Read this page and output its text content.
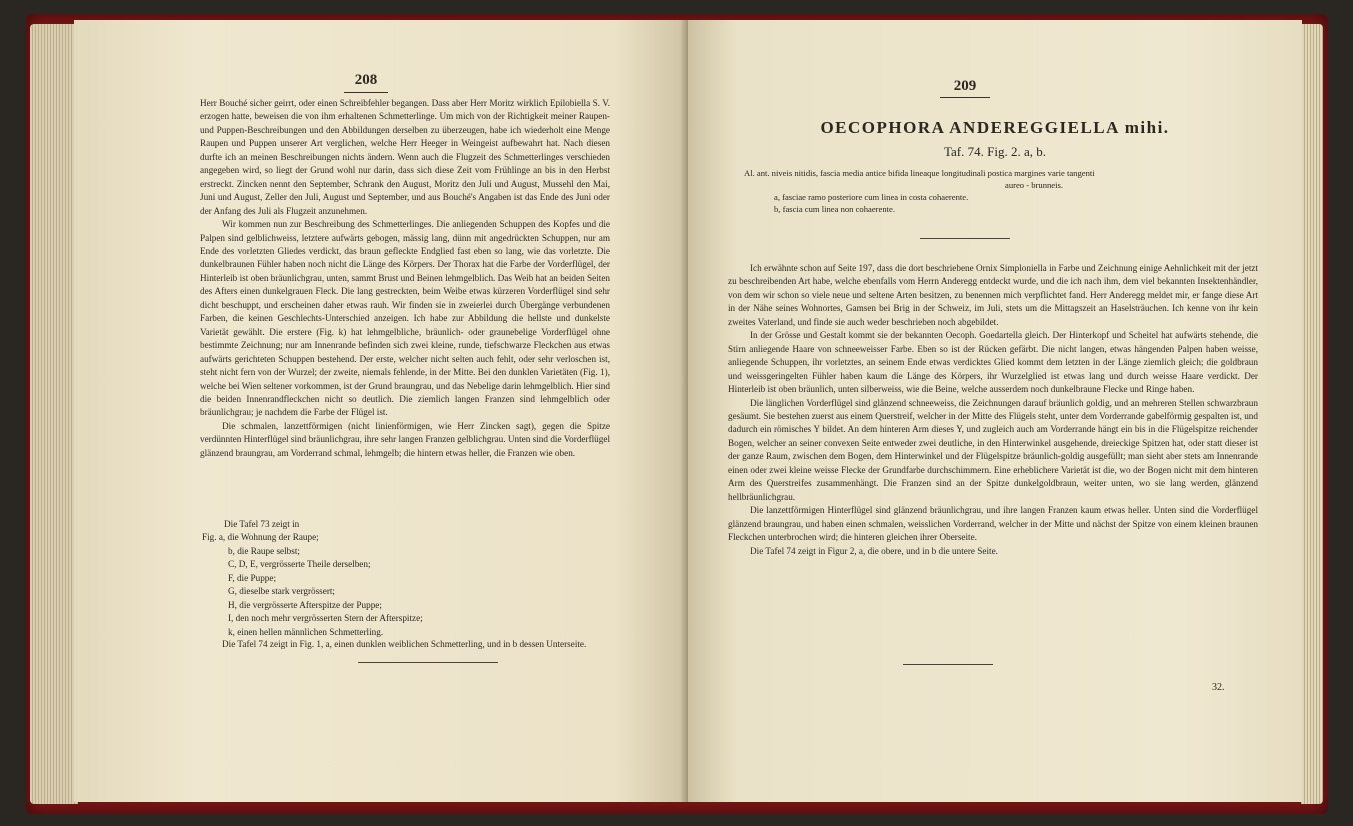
208

Herr Bouché sicher geirrt, oder einen Schreibfehler begangen. Dass aber Herr Moritz wirklich Epilobiella S. V. erzogen hatte, beweisen die von ihm erhaltenen Schmetterlinge. Um mich von der Richtigkeit meiner Raupen- und Puppen-Beschreibungen und den Abbildungen derselben zu überzeugen, habe ich wiederholt eine Menge Raupen und Puppen unserer Art verglichen, welche Herr Heeger in Weingeist aufbewahrt hat. Nach diesen durfte ich an meinen Beschreibungen nichts ändern. Wenn auch die Flugzeit des Schmetterlinges verschieden angegeben wird, so liegt der Grund wohl nur darin, dass sich diese Zeit vom Frühlinge an bis in den Herbst erstreckt. Zincken nennt den September, Schrank den August, Moritz den Juli und August, Mussehl den Mai, Juni und August, Zeller den Juli, August und September, und aus Bouché's Angaben ist das Ende des Juni oder der Anfang des Juli als Flugzeit anzunehmen.

Wir kommen nun zur Beschreibung des Schmetterlinges. Die anliegenden Schuppen des Kopfes und die Palpen sind gelblichweiss, letztere aufwärts gebogen, mässig lang, dünn mit angedrückten Schuppen, nur am Ende des vorletzten Gliedes verdickt, das braun gefleckte Endglied fast eben so lang, wie das vorletzte. Die dunkelbraunen Fühler haben noch nicht die Länge des Körpers. Der Thorax hat die Farbe der Vorderflügel, der Hinterleib ist oben bräunlichgrau, unten, sammt Brust und Beinen lehmgelblich. Das Weib hat an beiden Seiten des Afters einen dunkelgrauen Fleck. Die lang gestreckten, beim Weibe etwas kürzeren Vorderflügel sind sehr dicht beschuppt, und erscheinen daher etwas rauh. Wir finden sie in zweierlei durch Übergänge verbundenen Farben, die keinen Geschlechts-Unterschied anzeigen. Ich habe zur Abbildung die hellste und dunkelste Varietät gewählt. Die erstere (Fig. k) hat lehmgelbliche, bräunlich- oder graunebelige Vorderflügel ohne bestimmte Zeichnung; nur am Innenrande befinden sich zwei kleine, runde, tiefschwarze Fleckchen aus etwas aufwärts gerichteten Schuppen bestehend. Der erste, welcher nicht selten auch fehlt, oder sehr verloschen ist, steht nicht fern von der Wurzel; der zweite, niemals fehlende, in der Mitte. Bei den dunklen Varietäten (Fig. 1), welche bei Wien seltener vorkommen, ist der Grund braungrau, und das Nebelige darin lehmgelblich. Hier sind die beiden Innenrandfleckchen nicht so deutlich. Die ziemlich langen Franzen sind lehmgelblich oder bräunlichgrau; je nachdem die Farbe der Flügel ist.

Die schmalen, lanzettförmigen (nicht linienförmigen, wie Herr Zincken sagt), gegen die Spitze verdünnten Hinterflügel sind bräunlichgrau, ihre sehr langen Franzen gelblichgrau. Unten sind die Vorderflügel glänzend braungrau, am Vorderrand schmal, lehmgelb; die hintern etwas heller, die Franzen wie oben.

Die Tafel 73 zeigt in
Fig. a, die Wohnung der Raupe;
b, die Raupe selbst;
C, D, E, vergrösserte Theile derselben;
F, die Puppe;
G, dieselbe stark vergrössert;
H, die vergrösserte Afterspitze der Puppe;
I, den noch mehr vergrösserten Stern der Afterspitze;
k, einen hellen männlichen Schmetterling.

Die Tafel 74 zeigt in Fig. 1, a, einen dunklen weiblichen Schmetterling, und in b dessen Unterseite.

209
OECOPHORA ANDEREGGIELLA mihi.
Taf. 74. Fig. 2. a, b.
Al. ant. niveis nitidis, fascia media antice bifida lineaque longitudinali postica margines varie tangenti
aureo - brunneis.
a, fasciae ramo posteriore cum linea in costa cohaerente.
b, fascia cum linea non cohaerente.

Ich erwähnte schon auf Seite 197, dass die dort beschriebene Ornix Simploniella in Farbe und Zeichnung einige Aehnlichkeit mit der jetzt zu beschreibenden Art habe, welche ebenfalls vom Herrn Anderegg entdeckt wurde, und die ich nach ihm, dem viel bekannten Insektenhändler, von dem wir schon so viele neue und seltene Arten besitzen, zu benennen mich verpflichtet fand. Herr Anderegg meldet mir, er fange diese Art in der Nähe seines Wohnortes, Gamsen bei Brig in der Schweiz, im Juli, stets um die Mittagszeit an Haselsträuchen. Ich kenne von ihr kein zweites Vaterland, und finde sie auch weder beschrieben noch abgebildet.

In der Grösse und Gestalt kommt sie der bekannten Oecoph. Goedartella gleich. Der Hinterkopf und Scheitel hat aufwärts stehende, die Stirn anliegende Haare von schneeweisser Farbe. Eben so ist der Rücken gefärbt. Die nicht langen, etwas hängenden Palpen haben weisse, anliegende Schuppen, ihr vorletztes, an seinem Ende etwas verdicktes Glied kommt dem letzten in der Länge ziemlich gleich; die goldbraun und weissgeringelten Fühler haben kaum die Länge des Körpers, ihr Wurzelglied ist etwas lang und durch weisse Haare verdickt. Der Hinterleib ist oben bräunlich, unten silberweiss, wie die Beine, welche ausserdem noch dunkelbraune Flecke und Ringe haben.

Die länglichen Vorderflügel sind glänzend schneeweiss, die Zeichnungen darauf bräunlich goldig, und an mehreren Stellen schwarzbraun gesäumt. Sie bestehen zuerst aus einem Querstreif, welcher in der Mitte des Flügels steht, unter dem Vorderrande gabelförmig gespalten ist, und dadurch ein römisches Y bildet. An dem hinteren Arm dieses Y, und zugleich auch am Vorderrande hängt ein bis in die Flügelspitze reichender Bogen, welcher an seiner convexen Seite entweder zwei deutliche, in den Hinterwinkel ausgehende, dreieckige Spitzen hat, oder statt dieser ist der ganze Raum, zwischen dem Bogen, dem Hinterwinkel und der Flügelspitze bräunlich-goldig ausgefüllt; man sieht aber stets am Innenrande einen oder zwei kleine weisse Flecke der Grundfarbe durchschimmern. Eine erheblichere Varietät ist die, wo der Bogen nicht mit dem hinteren Arm des Querstreifes zusammenhängt. Die Franzen sind an der Spitze dunkelgoldbraun, weiter unten, wo sie lang werden, glänzend hellbräunlichgrau.

Die lanzettförmigen Hinterflügel sind glänzend bräunlichgrau, und ihre langen Franzen kaum etwas heller. Unten sind die Vorderflügel glänzend braungrau, und haben einen schmalen, weisslichen Vorderrand, welcher in der Mitte und nächst der Spitze von einem kleinen braunen Fleckchen unterbrochen wird; die hinteren gleichen ihrer Oberseite.

Die Tafel 74 zeigt in Figur 2, a, die obere, und in b die untere Seite.

32.
